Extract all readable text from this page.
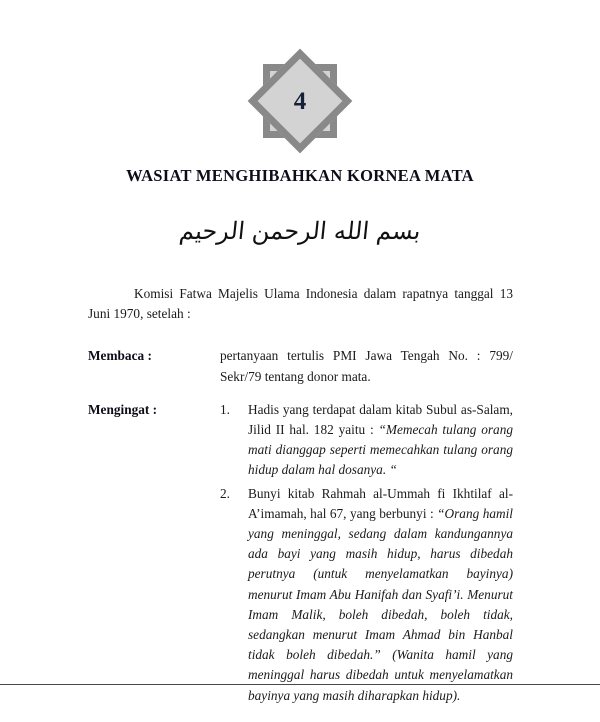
4
WASIAT MENGHIBAHKAN KORNEA MATA
بسم الله الرحمن الرحيم

Komisi Fatwa Majelis Ulama Indonesia dalam rapatnya tanggal 13 Juni 1970, setelah :

Membaca :	pertanyaan tertulis PMI Jawa Tengah No. : 799/ Sekr/79 tentang donor mata.
Mengingat :	1.	Hadis yang terdapat dalam kitab Subul as-Salam, Jilid II hal. 182 yaitu : “Memecah tulang orang mati dianggap seperti memecahkan tulang orang hidup dalam hal dosanya. “
2.	Bunyi kitab Rahmah al-Ummah fi Ikhtilaf al-A’imamah, hal 67, yang berbunyi : “Orang hamil yang meninggal, sedang dalam kandungannya ada bayi yang masih hidup, harus dibedah perutnya (untuk menyelamatkan bayinya) menurut Imam Abu Hanifah dan Syafi’i. Menurut Imam Malik, boleh dibedah, boleh tidak, sedangkan menurut Imam Ahmad bin Hanbal tidak boleh dibedah.” (Wanita hamil yang meninggal harus dibedah untuk menyelamatkan bayinya yang masih diharapkan hidup).
